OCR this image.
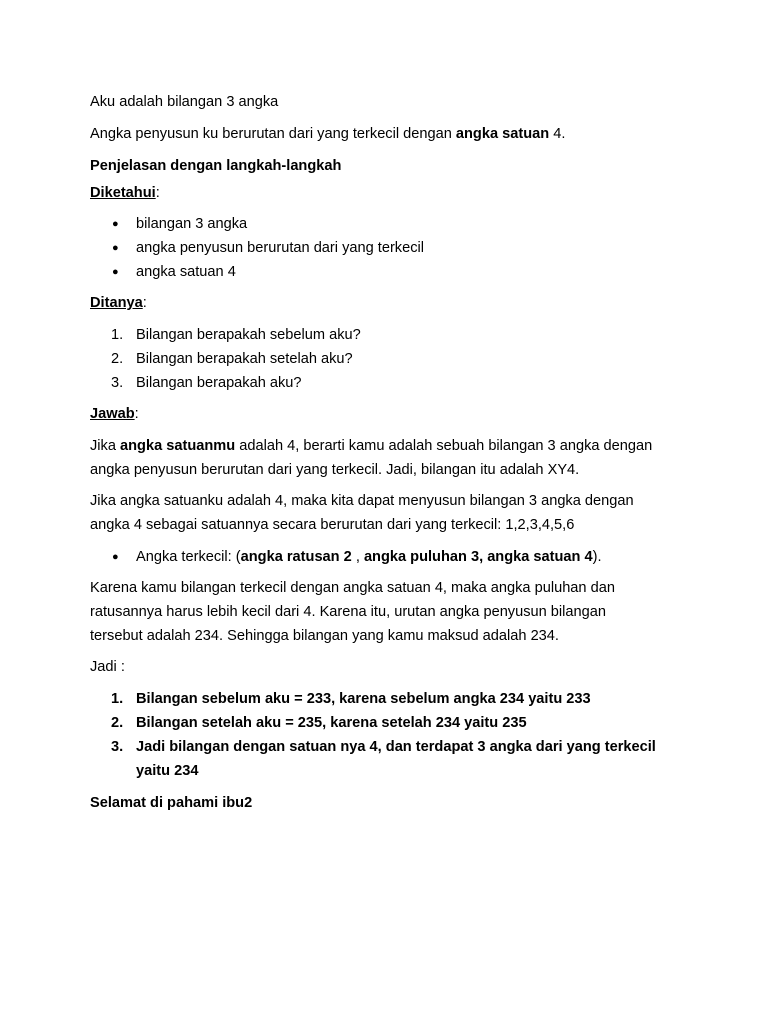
Aku adalah bilangan 3 angka
Angka penyusun ku berurutan dari yang terkecil dengan angka satuan 4.
Penjelasan dengan langkah-langkah
Diketahui:
● bilangan 3 angka
● angka penyusun berurutan dari yang terkecil
● angka satuan 4
Ditanya:
1. Bilangan berapakah sebelum aku?
2. Bilangan berapakah setelah aku?
3. Bilangan berapakah aku?
Jawab:
Jika angka satuanmu adalah 4, berarti kamu adalah sebuah bilangan 3 angka dengan
angka penyusun berurutan dari yang terkecil. Jadi, bilangan itu adalah XY4.
Jika angka satuanku adalah 4, maka kita dapat menyusun bilangan 3 angka dengan
angka 4 sebagai satuannya secara berurutan dari yang terkecil: 1,2,3,4,5,6
● Angka terkecil: (angka ratusan 2 , angka puluhan 3, angka satuan 4).
Karena kamu bilangan terkecil dengan angka satuan 4, maka angka puluhan dan
ratusannya harus lebih kecil dari 4. Karena itu, urutan angka penyusun bilangan
tersebut adalah 234. Sehingga bilangan yang kamu maksud adalah 234.
Jadi :
1. Bilangan sebelum aku = 233, karena sebelum angka 234 yaitu 233
2. Bilangan setelah aku = 235, karena setelah 234 yaitu 235
3. Jadi bilangan dengan satuan nya 4, dan terdapat 3 angka dari yang terkecil
yaitu 234
Selamat di pahami ibu2
